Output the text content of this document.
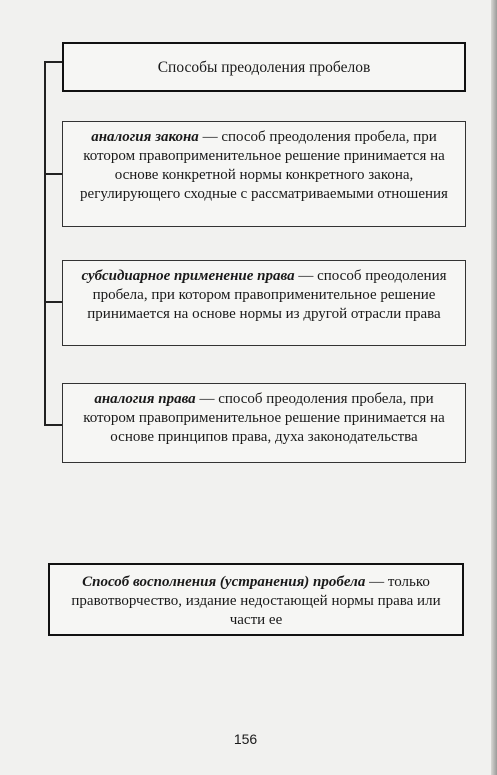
Способы преодоления пробелов
аналогия закона — способ преодоления пробела, при котором правоприменительное решение принимается на основе конкретной нормы конкретного закона, регулирующего сходные с рассматриваемыми отношения
субсидиарное применение права — способ преодоления пробела, при котором правоприменительное решение принимается на основе нормы из другой отрасли права
аналогия права — способ преодоления пробела, при котором правоприменительное решение принимается на основе принципов права, духа законодательства
Способ восполнения (устранения) пробела — только правотворчество, издание недостающей нормы права или части ее
156
